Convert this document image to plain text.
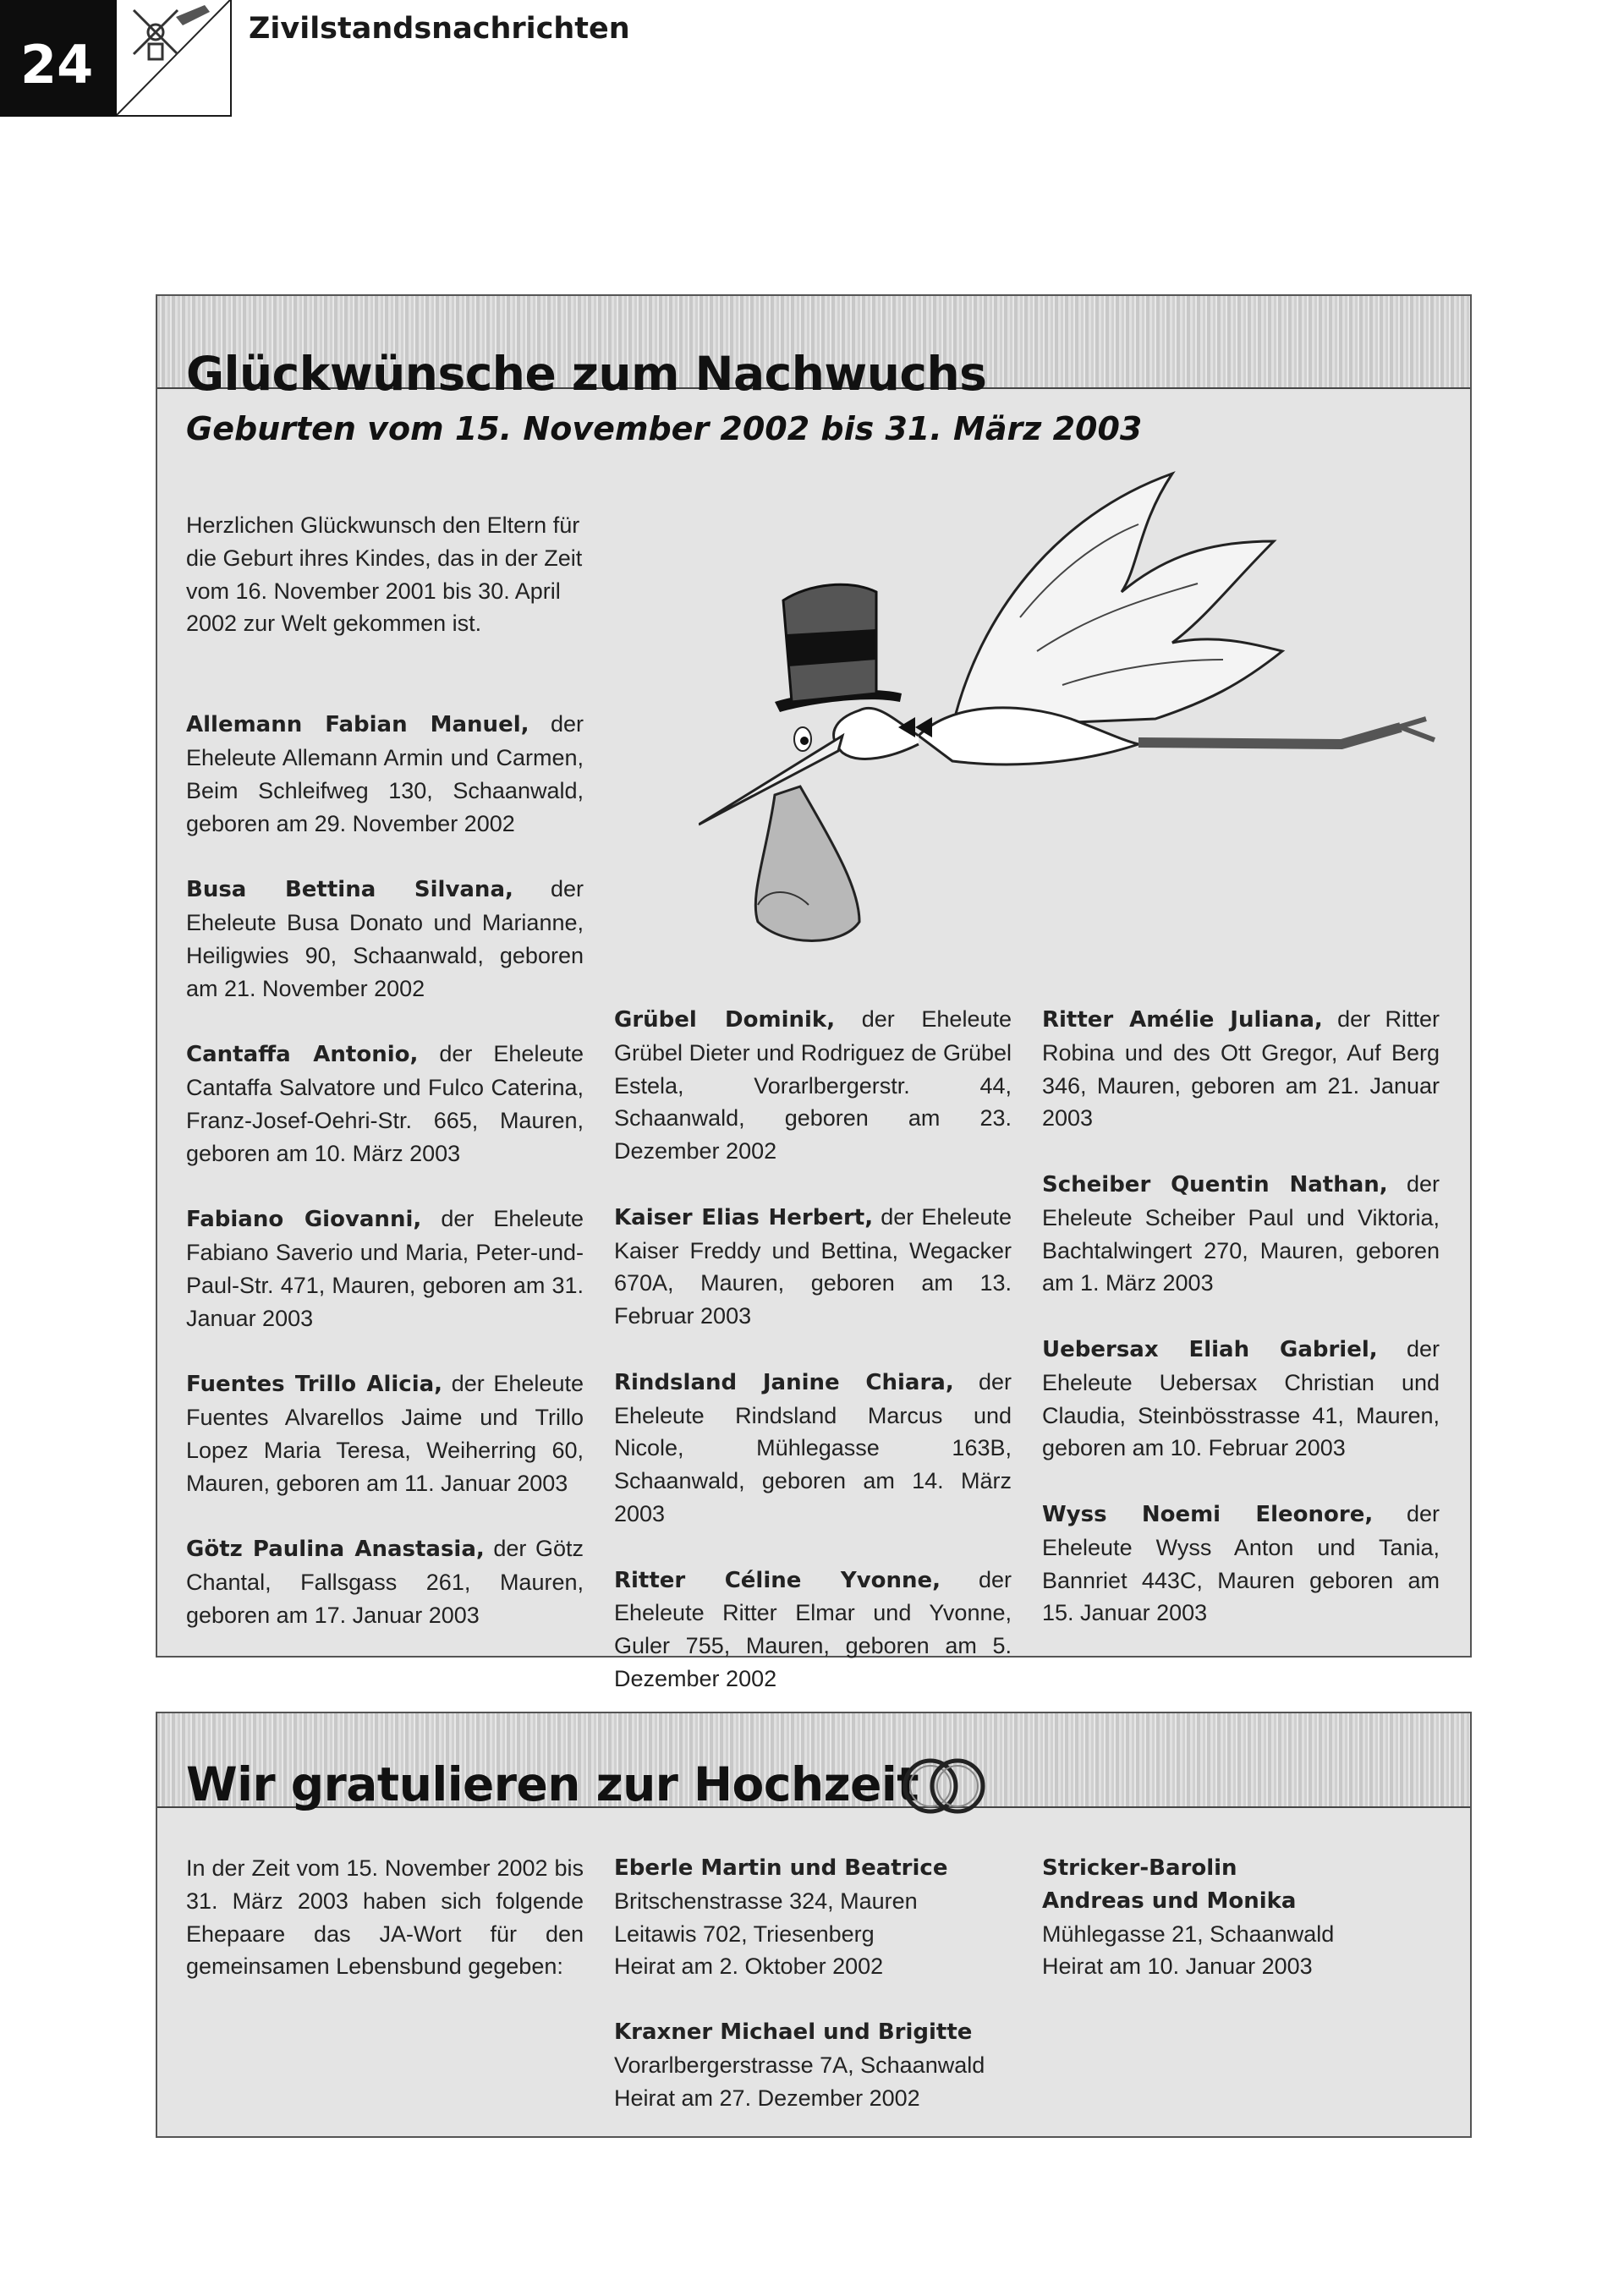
24
Zivilstandsnachrichten
Glückwünsche zum Nachwuchs
Geburten vom 15. November 2002 bis 31. März 2003
Herzlichen Glückwunsch den Eltern für die Geburt ihres Kindes, das in der Zeit vom 16. November 2001 bis 30. April 2002 zur Welt gekommen ist.
Allemann Fabian Manuel, der Eheleute Allemann Armin und Carmen, Beim Schleifweg 130, Schaanwald, geboren am 29. November 2002
Busa Bettina Silvana, der Eheleute Busa Donato und Marianne, Heiligwies 90, Schaanwald, geboren am 21. November 2002
Cantaffa Antonio, der Eheleute Cantaffa Salvatore und Fulco Caterina, Franz-Josef-Oehri-Str. 665, Mauren, geboren am 10. März 2003
Fabiano Giovanni, der Eheleute Fabiano Saverio und Maria, Peter-und-Paul-Str. 471, Mauren, geboren am 31. Januar 2003
Fuentes Trillo Alicia, der Eheleute Fuentes Alvarellos Jaime und Trillo Lopez Maria Teresa, Weiherring 60, Mauren, geboren am 11. Januar 2003
Götz Paulina Anastasia, der Götz Chantal, Fallsgass 261, Mauren, geboren am 17. Januar 2003
Grübel Dominik, der Eheleute Grübel Dieter und Rodriguez de Grübel Estela, Vorarlbergerstr. 44, Schaanwald, geboren am 23. Dezember 2002
Kaiser Elias Herbert, der Eheleute Kaiser Freddy und Bettina, Wegacker 670A, Mauren, geboren am 13. Februar 2003
Rindsland Janine Chiara, der Eheleute Rindsland Marcus und Nicole, Mühlegasse 163B, Schaanwald, geboren am 14. März 2003
Ritter Céline Yvonne, der Eheleute Ritter Elmar und Yvonne, Guler 755, Mauren, geboren am 5. Dezember 2002
Ritter Amélie Juliana, der Ritter Robina und des Ott Gregor, Auf Berg 346, Mauren, geboren am 21. Januar 2003
Scheiber Quentin Nathan, der Eheleute Scheiber Paul und Viktoria, Bachtalwingert 270, Mauren, geboren am 1. März 2003
Uebersax Eliah Gabriel, der Eheleute Uebersax Christian und Claudia, Steinbösstrasse 41, Mauren, geboren am 10. Februar 2003
Wyss Noemi Eleonore, der Eheleute Wyss Anton und Tania, Bannriet 443C, Mauren geboren am 15. Januar 2003
Wir gratulieren zur Hochzeit
In der Zeit vom 15. November 2002 bis 31. März 2003 haben sich folgende Ehepaare das JA-Wort für den gemeinsamen Lebensbund gegeben:
Eberle Martin und Beatrice
Britschenstrasse 324, Mauren
Leitawis 702, Triesenberg
Heirat am 2. Oktober 2002
Kraxner Michael und Brigitte
Vorarlbergerstrasse 7A, Schaanwald
Heirat am 27. Dezember 2002
Stricker-Barolin Andreas und Monika
Mühlegasse 21, Schaanwald
Heirat am 10. Januar 2003
